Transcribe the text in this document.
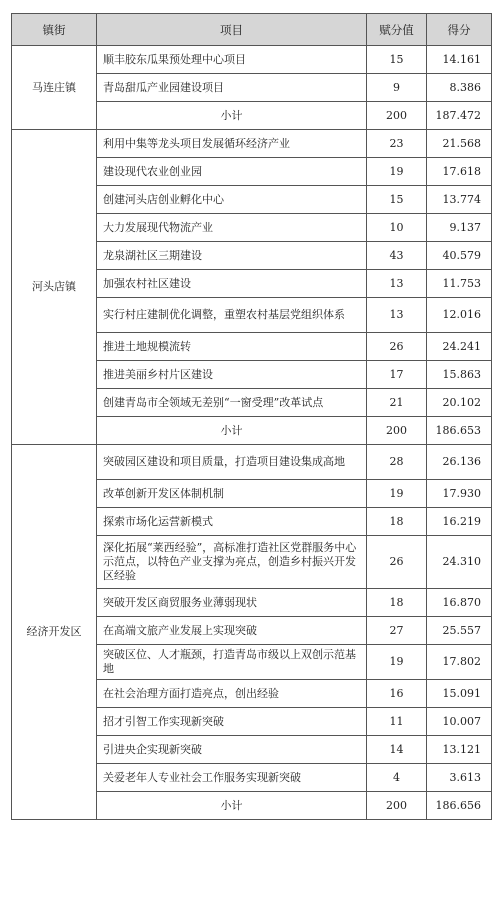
镇街	项目	赋分值	得分
马连庄镇	顺丰胶东瓜果预处理中心项目	15	14.161
	青岛甜瓜产业园建设项目	9	8.386
	小计	200	187.472
河头店镇	利用中集等龙头项目发展循环经济产业	23	21.568
	建设现代农业创业园	19	17.618
	创建河头店创业孵化中心	15	13.774
	大力发展现代物流产业	10	9.137
	龙泉湖社区三期建设	43	40.579
	加强农村社区建设	13	11.753
	实行村庄建制优化调整，重塑农村基层党组织体系	13	12.016
	推进土地规模流转	26	24.241
	推进美丽乡村片区建设	17	15.863
	创建青岛市全领域无差别“一窗受理”改革试点	21	20.102
	小计	200	186.653
经济开发区	突破园区建设和项目质量，打造项目建设集成高地	28	26.136
	改革创新开发区体制机制	19	17.930
	探索市场化运营新模式	18	16.219
	深化拓展“莱西经验”，高标准打造社区党群服务中心示范点，以特色产业支撑为亮点，创造乡村振兴开发区经验	26	24.310
	突破开发区商贸服务业薄弱现状	18	16.870
	在高端文旅产业发展上实现突破	27	25.557
	突破区位、人才瓶颈，打造青岛市级以上双创示范基地	19	17.802
	在社会治理方面打造亮点，创出经验	16	15.091
	招才引智工作实现新突破	11	10.007
	引进央企实现新突破	14	13.121
	关爱老年人专业社会工作服务实现新突破	4	3.613
	小计	200	186.656
